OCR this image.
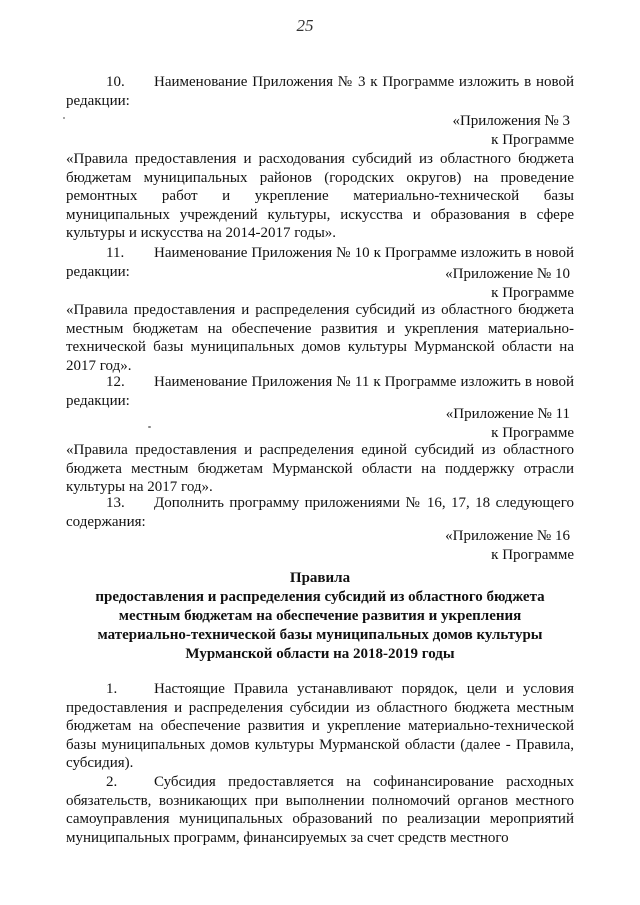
25

10. Наименование Приложения № 3 к Программе изложить в новой редакции:

«Приложения № 3

к Программе

«Правила предоставления и расходования субсидий из областного бюджета бюджетам муниципальных районов (городских округов) на проведение ремонтных работ и укрепление материально-технической базы муниципальных учреждений культуры, искусства и образования в сфере культуры и искусства на 2014-2017 годы».

11. Наименование Приложения № 10 к Программе изложить в новой редакции:	«Приложение № 10

к Программе

«Правила предоставления и распределения субсидий из областного бюджета местным бюджетам на обеспечение развития и укрепления материально-технической базы муниципальных домов культуры Мурманской области на 2017 год».

12. Наименование Приложения № 11 к Программе изложить в новой редакции:

«Приложение № 11

к Программе

«Правила предоставления и распределения единой субсидий из областного бюджета местным бюджетам Мурманской области на поддержку отрасли культуры на 2017 год».

13. Дополнить программу приложениями № 16, 17, 18 следующего содержания:

«Приложение № 16

к Программе

Правила

предоставления и распределения субсидий из областного бюджета местным бюджетам на обеспечение развития и укрепления материально-технической базы муниципальных домов культуры Мурманской области на 2018-2019 годы

1. Настоящие Правила устанавливают порядок, цели и условия предоставления и распределения субсидии из областного бюджета местным бюджетам на обеспечение развития и укрепление материально-технической базы муниципальных домов культуры Мурманской области (далее - Правила, субсидия).

2. Субсидия предоставляется на софинансирование расходных обязательств, возникающих при выполнении полномочий органов местного самоуправления муниципальных образований по реализации мероприятий муниципальных программ, финансируемых за счет средств местного
